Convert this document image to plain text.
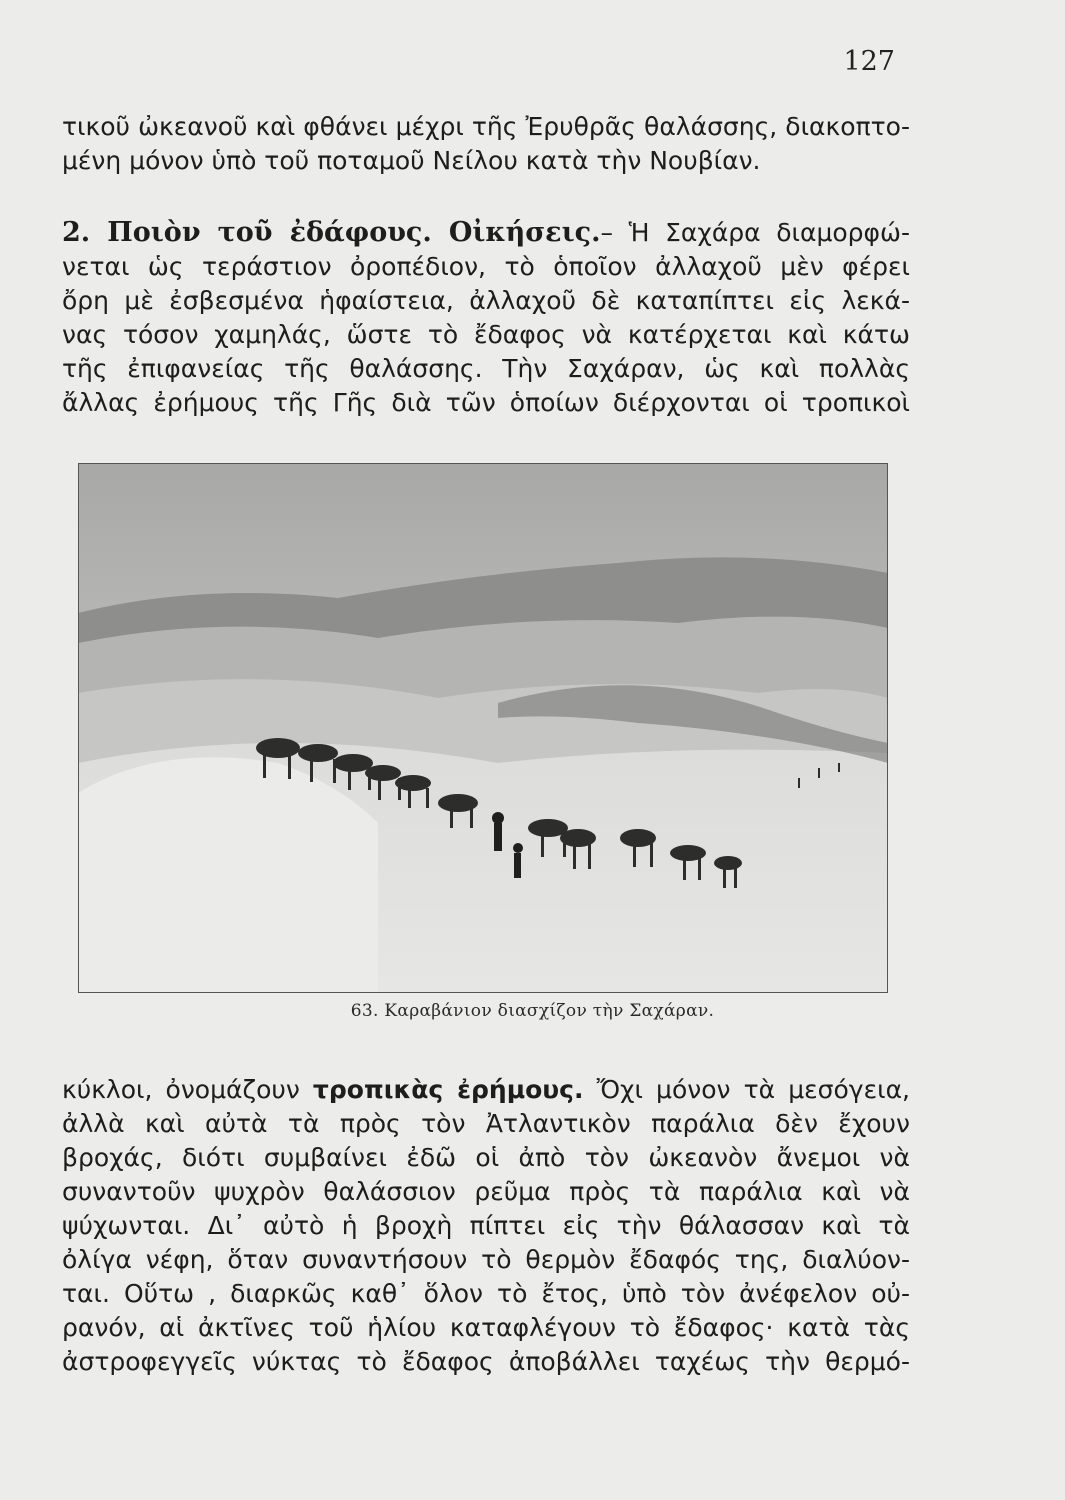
127
τικοῦ ὠκεανοῦ καὶ φθάνει μέχρι τῆς Ἐρυθρᾶς θαλάσσης, διακοπτο-
μένη μόνον ὑπὸ τοῦ ποταμοῦ Νείλου κατὰ τὴν Νουβίαν.
2. Ποιὸν τοῦ ἐδάφους. Οἰκήσεις.– Ἡ Σαχάρα διαμορφώ-
νεται ὡς τεράστιον ὀροπέδιον, τὸ ὁποῖον ἀλλαχοῦ μὲν φέρει
ὄρη μὲ ἐσβεσμένα ἡφαίστεια, ἀλλαχοῦ δὲ καταπίπτει εἰς λεκά-
νας τόσον χαμηλάς, ὥστε τὸ ἔδαφος νὰ κατέρχεται καὶ κάτω
τῆς ἐπιφανείας τῆς θαλάσσης. Τὴν Σαχάραν, ὡς καὶ πολλὰς
ἄλλας ἐρήμους τῆς Γῆς διὰ τῶν ὁποίων διέρχονται οἱ τροπικοὶ
63. Καραβάνιον διασχίζον τὴν Σαχάραν.
κύκλοι, ὀνομάζουν τροπικὰς ἐρήμους. Ὄχι μόνον τὰ μεσόγεια,
ἀλλὰ καὶ αὐτὰ τὰ πρὸς τὸν Ἀτλαντικὸν παράλια δὲν ἔχουν
βροχάς, διότι συμβαίνει ἐδῶ οἱ ἀπὸ τὸν ὠκεανὸν ἄνεμοι νὰ
συναντοῦν ψυχρὸν θαλάσσιον ρεῦμα πρὸς τὰ παράλια καὶ νὰ
ψύχωνται. Δι᾽ αὐτὸ ἡ βροχὴ πίπτει εἰς τὴν θάλασσαν καὶ τὰ
ὀλίγα νέφη, ὅταν συναντήσουν τὸ θερμὸν ἔδαφός της, διαλύον-
ται. Οὕτω , διαρκῶς καθ᾽ ὅλον τὸ ἔτος, ὑπὸ τὸν ἀνέφελον οὐ-
ρανόν, αἱ ἀκτῖνες τοῦ ἡλίου καταφλέγουν τὸ ἔδαφος· κατὰ τὰς
ἀστροφεγγεῖς νύκτας τὸ ἔδαφος ἀποβάλλει ταχέως τὴν θερμό-
